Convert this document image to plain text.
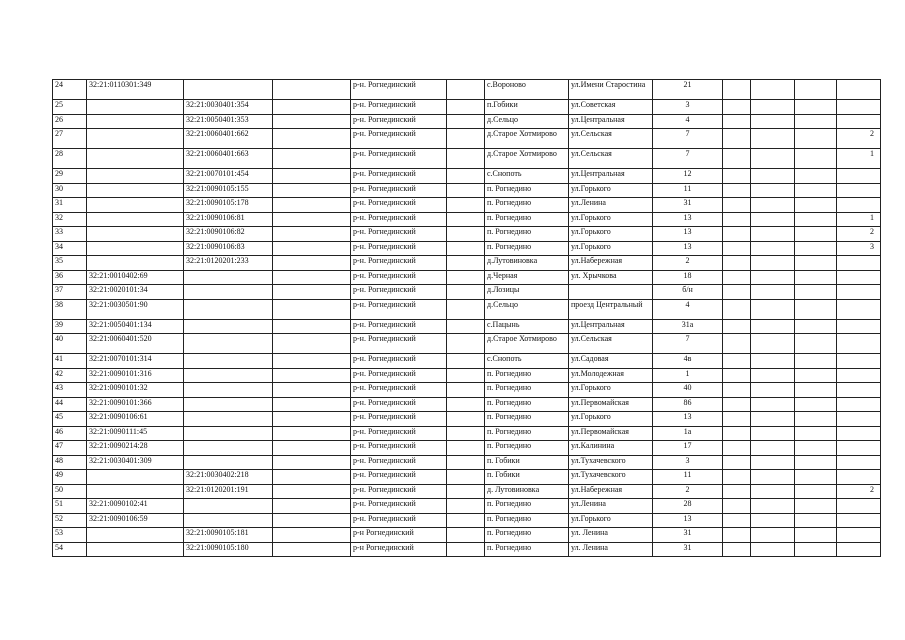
24	32:21:0110301:349			р-н. Рогнединский		с.Вороново	ул.Имени Старостина	21				
25		32:21:0030401:354		р-н. Рогнединский		п.Гобики	ул.Советская	3				
26		32:21:0050401:353		р-н. Рогнединский		д.Сельцо	ул.Центральная	4				
27		32:21:0060401:662		р-н. Рогнединский		д.Старое Хотмирово	ул.Сельская	7				2
28		32:21:0060401:663		р-н. Рогнединский		д.Старое Хотмирово	ул.Сельская	7				1
29		32:21:0070101:454		р-н. Рогнединский		с.Снопоть	ул.Центральная	12				
30		32:21:0090105:155		р-н. Рогнединский		п. Рогнедино	ул.Горького	11				
31		32:21:0090105:178		р-н. Рогнединский		п. Рогнедино	ул.Ленина	31				
32		32:21:0090106:81		р-н. Рогнединский		п. Рогнедино	ул.Горького	13				1
33		32:21:0090106:82		р-н. Рогнединский		п. Рогнедино	ул.Горького	13				2
34		32:21:0090106:83		р-н. Рогнединский		п. Рогнедино	ул.Горького	13				3
35		32:21:0120201:233		р-н. Рогнединский		д.Лутовиновка	ул.Набережная	2				
36	32:21:0010402:69			р-н. Рогнединский		д.Черная	ул. Хрычкова	18				
37	32:21:0020101:34			р-н. Рогнединский		д.Лозицы		б/н				
38	32:21:0030501:90			р-н. Рогнединский		д.Сельцо	проезд Центральный	4				
39	32:21:0050401:134			р-н. Рогнединский		с.Пацынь	ул.Центральная	31а				
40	32:21:0060401:520			р-н. Рогнединский		д.Старое Хотмирово	ул.Сельская	7				
41	32:21:0070101:314			р-н. Рогнединский		с.Снопоть	ул.Садовая	4в				
42	32:21:0090101:316			р-н. Рогнединский		п. Рогнедино	ул.Молодежная	1				
43	32:21:0090101:32			р-н. Рогнединский		п. Рогнедино	ул.Горького	40				
44	32:21:0090101:366			р-н. Рогнединский		п. Рогнедино	ул.Первомайская	86				
45	32:21:0090106:61			р-н. Рогнединский		п. Рогнедино	ул.Горького	13				
46	32:21:0090111:45			р-н. Рогнединский		п. Рогнедино	ул.Первомайская	1а				
47	32:21:0090214:28			р-н. Рогнединский		п. Рогнедино	ул.Калинина	17				
48	32:21:0030401:309			р-н. Рогнединский		п. Гобики	ул.Тухачевского	3				
49		32:21:0030402:218		р-н. Рогнединский		п. Гобики	ул.Тухачевского	11				
50		32:21:0120201:191		р-н. Рогнединский		д. Лутовиновка	ул.Набережная	2				2
51	32:21:0090102:41			р-н. Рогнединский		п. Рогнедино	ул.Ленина	28				
52	32:21:0090106:59			р-н. Рогнединский		п. Рогнедино	ул.Горького	13				
53		32:21:0090105:181		р-н Рогнединский		п. Рогнедино	ул. Ленина	31				
54		32:21:0090105:180		р-н Рогнединский		п. Рогнедино	ул. Ленина	31				
